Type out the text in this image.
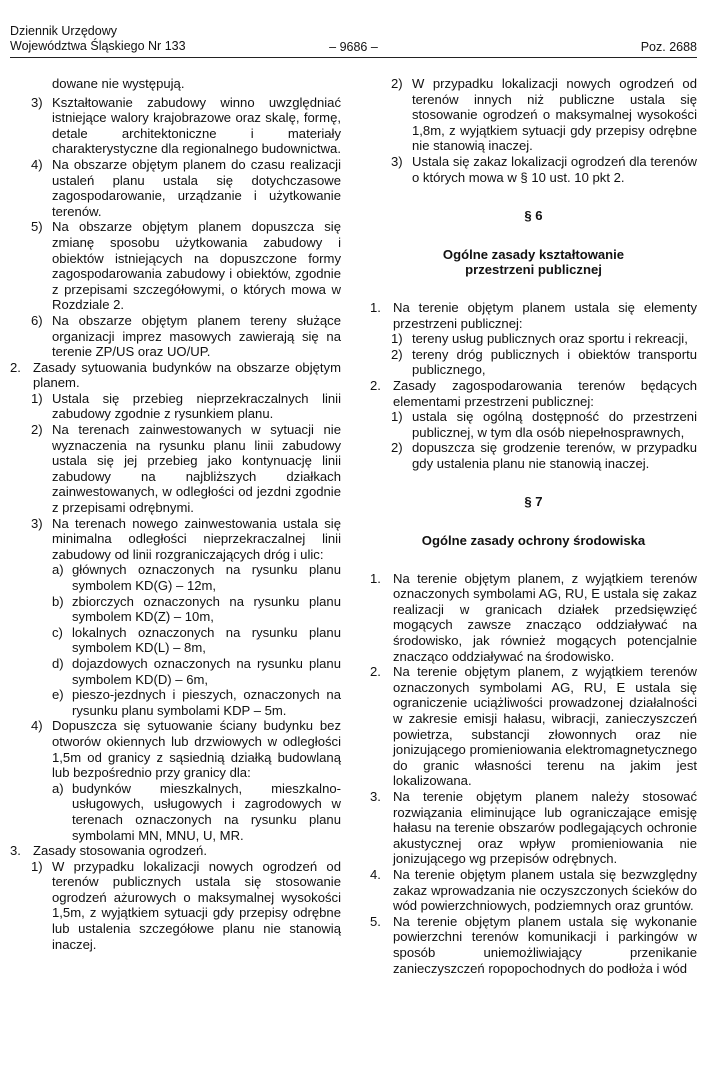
Dziennik Urzędowy
Województwa Śląskiego Nr 133	– 9686 –	Poz. 2688
dowane nie występują.
3) Kształtowanie zabudowy winno uwzględniać istniejące walory krajobrazowe oraz skalę, formę, detale architektoniczne i materiały charakterystyczne dla regionalnego budownictwa.
4) Na obszarze objętym planem do czasu realizacji ustaleń planu ustala się dotychczasowe zagospodarowanie, urządzanie i użytkowanie terenów.
5) Na obszarze objętym planem dopuszcza się zmianę sposobu użytkowania zabudowy i obiektów istniejących na dopuszczone formy zagospodarowania zabudowy i obiektów, zgodnie z przepisami szczegółowymi, o których mowa w Rozdziale 2.
6) Na obszarze objętym planem tereny służące organizacji imprez masowych zawierają się na terenie ZP/US oraz UO/UP.
2. Zasady sytuowania budynków na obszarze objętym planem.
1) Ustala się przebieg nieprzekraczalnych linii zabudowy zgodnie z rysunkiem planu.
2) Na terenach zainwestowanych w sytuacji nie wyznaczenia na rysunku planu linii zabudowy ustala się jej przebieg jako kontynuację linii zabudowy na najbliższych działkach zainwestowanych, w odległości od jezdni zgodnie z przepisami odrębnymi.
3) Na terenach nowego zainwestowania ustala się minimalna odległości nieprzekraczalnej linii zabudowy od linii rozgraniczających dróg i ulic:
a) głównych oznaczonych na rysunku planu symbolem KD(G) – 12m,
b) zbiorczych oznaczonych na rysunku planu symbolem KD(Z) – 10m,
c) lokalnych oznaczonych na rysunku planu symbolem KD(L) – 8m,
d) dojazdowych oznaczonych na rysunku planu symbolem KD(D) – 6m,
e) pieszo-jezdnych i pieszych, oznaczonych na rysunku planu symbolami KDP – 5m.
4) Dopuszcza się sytuowanie ściany budynku bez otworów okiennych lub drzwiowych w odległości 1,5m od granicy z sąsiednią działką budowlaną lub bezpośrednio przy granicy dla:
a) budynków mieszkalnych, mieszkalno-usługowych, usługowych i zagrodowych w terenach oznaczonych na rysunku planu symbolami MN, MNU, U, MR.
3. Zasady stosowania ogrodzeń.
1) W przypadku lokalizacji nowych ogrodzeń od terenów publicznych ustala się stosowanie ogrodzeń ażurowych o maksymalnej wysokości 1,5m, z wyjątkiem sytuacji gdy przepisy odrębne lub ustalenia szczegółowe planu nie stanowią inaczej.
2) W przypadku lokalizacji nowych ogrodzeń od terenów innych niż publiczne ustala się stosowanie ogrodzeń o maksymalnej wysokości 1,8m, z wyjątkiem sytuacji gdy przepisy odrębne nie stanowią inaczej.
3) Ustala się zakaz lokalizacji ogrodzeń dla terenów o których mowa w § 10 ust. 10 pkt 2.
§ 6
Ogólne zasady kształtowanie
przestrzeni publicznej
1. Na terenie objętym planem ustala się elementy przestrzeni publicznej:
1) tereny usług publicznych oraz sportu i rekreacji,
2) tereny dróg publicznych i obiektów transportu publicznego,
2. Zasady zagospodarowania terenów będących elementami przestrzeni publicznej:
1) ustala się ogólną dostępność do przestrzeni publicznej, w tym dla osób niepełnosprawnych,
2) dopuszcza się grodzenie terenów, w przypadku gdy ustalenia planu nie stanowią inaczej.
§ 7
Ogólne zasady ochrony środowiska
1. Na terenie objętym planem, z wyjątkiem terenów oznaczonych symbolami AG, RU, E ustala się zakaz realizacji w granicach działek przedsięwzięć mogących zawsze znacząco oddziaływać na środowisko, jak również mogących potencjalnie znacząco oddziaływać na środowisko.
2. Na terenie objętym planem, z wyjątkiem terenów oznaczonych symbolami AG, RU, E ustala się ograniczenie uciążliwości prowadzonej działalności w zakresie emisji hałasu, wibracji, zanieczyszczeń powietrza, substancji złowonnych oraz nie jonizującego promieniowania elektromagnetycznego do granic własności terenu na jakim jest lokalizowana.
3. Na terenie objętym planem należy stosować rozwiązania eliminujące lub ograniczające emisję hałasu na terenie obszarów podlegających ochronie akustycznej oraz wpływ promieniowania nie jonizującego wg przepisów odrębnych.
4. Na terenie objętym planem ustala się bezwzględny zakaz wprowadzania nie oczyszczonych ścieków do wód powierzchniowych, podziemnych oraz gruntów.
5. Na terenie objętym planem ustala się wykonanie powierzchni terenów komunikacji i parkingów w sposób uniemożliwiający przenikanie zanieczyszczeń ropopochodnych do podłoża i wód
